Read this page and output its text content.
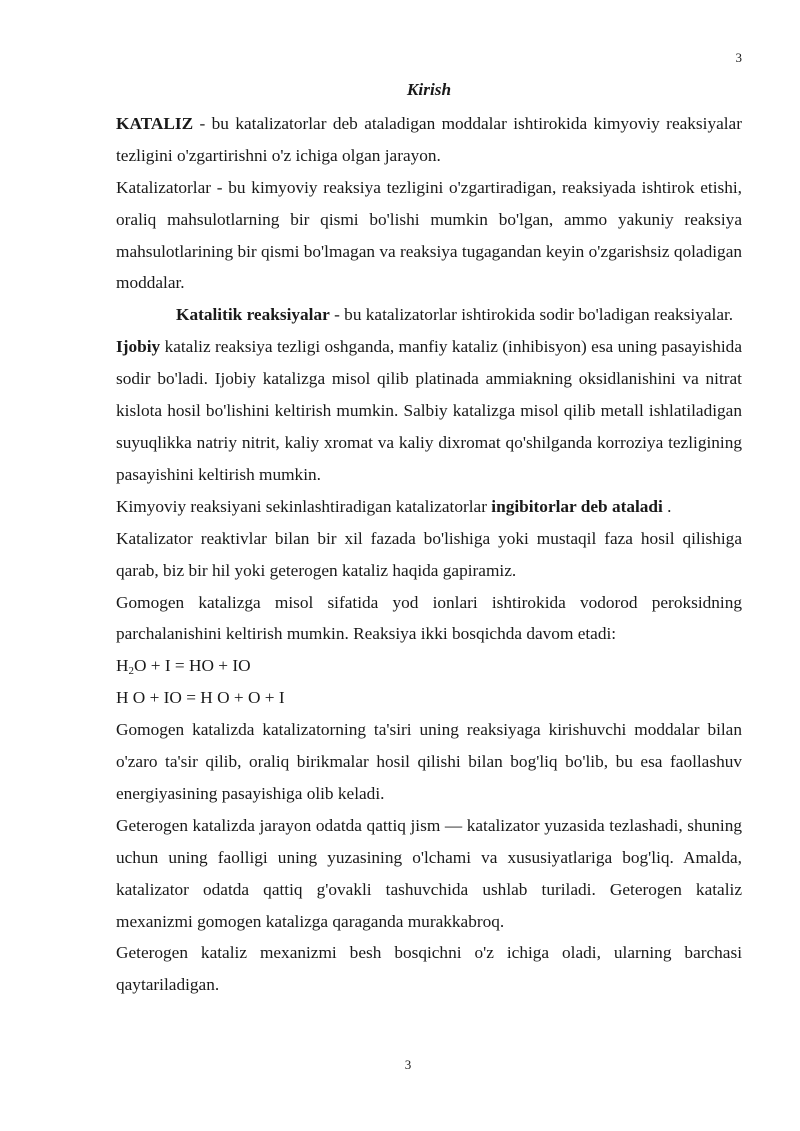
3
Kirish

KATALIZ - bu katalizatorlar deb ataladigan moddalar ishtirokida kimyoviy reaksiyalar tezligini o'zgartirishni o'z ichiga olgan jarayon.

Katalizatorlar - bu kimyoviy reaksiya tezligini o'zgartiradigan, reaksiyada ishtirok etishi, oraliq mahsulotlarning bir qismi bo'lishi mumkin bo'lgan, ammo yakuniy reaksiya mahsulotlarining bir qismi bo'lmagan va reaksiya tugagandan keyin o'zgarishsiz qoladigan moddalar.

Katalitik reaksiyalar - bu katalizatorlar ishtirokida sodir bo'ladigan reaksiyalar.

Ijobiy kataliz reaksiya tezligi oshganda, manfiy kataliz (inhibisyon) esa uning pasayishida sodir bo'ladi. Ijobiy katalizga misol qilib platinada ammiakning oksidlanishini va nitrat kislota hosil bo'lishini keltirish mumkin. Salbiy katalizga misol qilib metall ishlatiladigan suyuqlikka natriy nitrit, kaliy xromat va kaliy dixromat qo'shilganda korroziya tezligining pasayishini keltirish mumkin.

Kimyoviy reaksiyani sekinlashtiradigan katalizatorlar ingibitorlar deb ataladi .

Katalizator reaktivlar bilan bir xil fazada bo'lishiga yoki mustaqil faza hosil qilishiga qarab, biz bir hil yoki geterogen kataliz haqida gapiramiz.

Gomogen katalizga misol sifatida yod ionlari ishtirokida vodorod peroksidning parchalanishini keltirish mumkin. Reaksiya ikki bosqichda davom etadi:

$H_2O + I$ = HO + IO

H O + IO = H O + O + I

Gomogen katalizda katalizatorning ta'siri uning reaksiyaga kirishuvchi moddalar bilan o'zaro ta'sir qilib, oraliq birikmalar hosil qilishi bilan bog'liq bo'lib, bu esa faollashuv energiyasining pasayishiga olib keladi.

Geterogen katalizda jarayon odatda qattiq jism — katalizator yuzasida tezlashadi, shuning uchun uning faolligi uning yuzasining o'lchami va xususiyatlariga bog'liq. Amalda, katalizator odatda qattiq g'ovakli tashuvchida ushlab turiladi. Geterogen kataliz mexanizmi gomogen katalizga qaraganda murakkabroq.

Geterogen kataliz mexanizmi besh bosqichni o'z ichiga oladi, ularning barchasi qaytariladigan.

3
